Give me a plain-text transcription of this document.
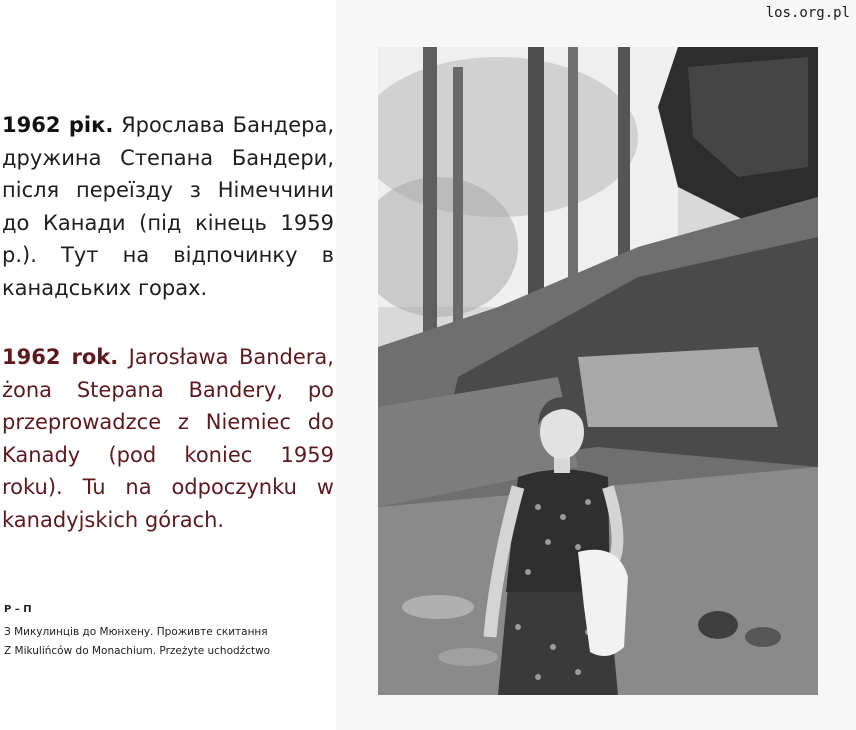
1962 рік. Ярослава Бандера, дружина Степана Бандери, після переїзду з Німеччини до Канади (під кінець 1959 р.). Тут на відпочинку в канадських горах.

1962 rok. Jarosława Bandera, żona Stepana Bandery, po przeprowadzce z Niemiec do Kanady (pod koniec 1959 roku). Tu na odpoczynku w kanadyjskich górach.

Р – П
З Микулинців до Мюнхену. Проживте скитання
Z Mikulińców do Monachium. Przeżyte uchodźctwo
los.org.pl
